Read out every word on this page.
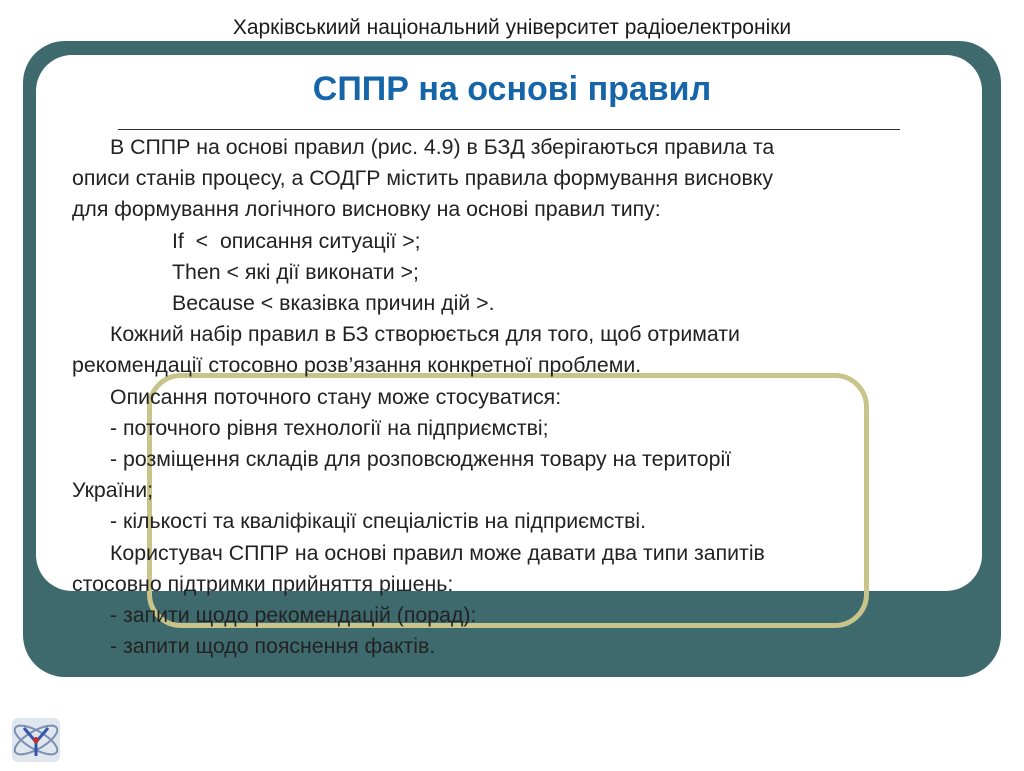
Харківськиий національний університет радіоелектроніки
СППР на основі правил
В СППР на основі правил (рис. 4.9) в БЗД зберігаються правила та
описи станів процесу, а СОДГР містить правила формування висновку
для формування логічного висновку на основі правил типу:
If  <  описання ситуації >;
Then < які дії виконати >;
Because < вказівка причин дій >.
Кожний набір правил в БЗ створюється для того, щоб отримати
рекомендації стосовно розв’язання конкретної проблеми.
Описання поточного стану може стосуватися:
- поточного рівня технології на підприємстві;
- розміщення складів для розповсюдження товару на території
України;
- кількості та кваліфікації спеціалістів на підприємстві.
Користувач СППР на основі правил може давати два типи запитів
стосовно підтримки прийняття рішень:
- запити щодо рекомендацій (порад):
- запити щодо пояснення фактів.
